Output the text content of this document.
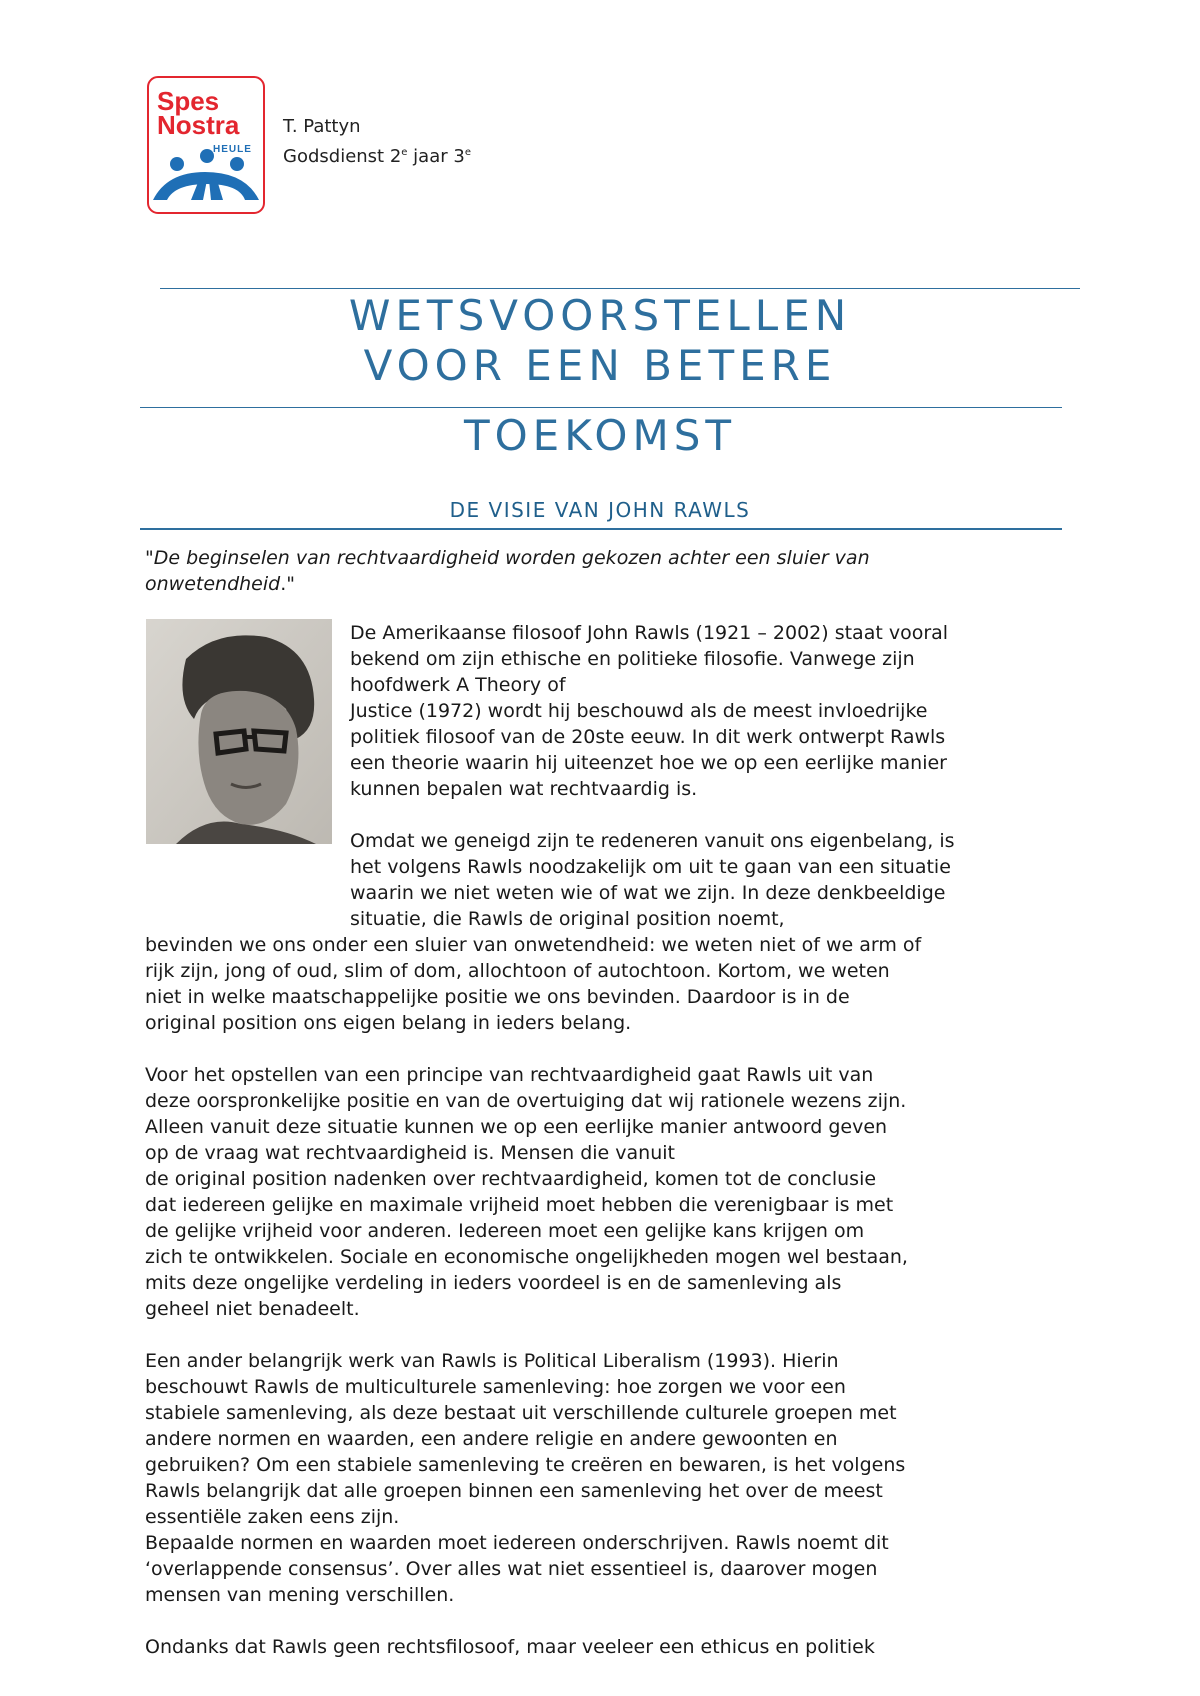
Spes
Nostra
HEULE
T. Pattyn
Godsdienst 2e jaar 3e
WETSVOORSTELLEN
VOOR EEN BETERE
TOEKOMST
DE VISIE VAN JOHN RAWLS
"De beginselen van rechtvaardigheid worden gekozen achter een sluier van
onwetendheid."
De Amerikaanse filosoof John Rawls (1921 – 2002) staat vooral
bekend om zijn ethische en politieke filosofie. Vanwege zijn
hoofdwerk A Theory of
Justice (1972) wordt hij beschouwd als de meest invloedrijke
politiek filosoof van de 20ste eeuw. In dit werk ontwerpt Rawls
een theorie waarin hij uiteenzet hoe we op een eerlijke manier
kunnen bepalen wat rechtvaardig is.
Omdat we geneigd zijn te redeneren vanuit ons eigenbelang, is
het volgens Rawls noodzakelijk om uit te gaan van een situatie
waarin we niet weten wie of wat we zijn. In deze denkbeeldige
situatie, die Rawls de original position noemt,
bevinden we ons onder een sluier van onwetendheid: we weten niet of we arm of
rijk zijn, jong of oud, slim of dom, allochtoon of autochtoon. Kortom, we weten
niet in welke maatschappelijke positie we ons bevinden. Daardoor is in de
original position ons eigen belang in ieders belang.
Voor het opstellen van een principe van rechtvaardigheid gaat Rawls uit van
deze oorspronkelijke positie en van de overtuiging dat wij rationele wezens zijn.
Alleen vanuit deze situatie kunnen we op een eerlijke manier antwoord geven
op de vraag wat rechtvaardigheid is. Mensen die vanuit
de original position nadenken over rechtvaardigheid, komen tot de conclusie
dat iedereen gelijke en maximale vrijheid moet hebben die verenigbaar is met
de gelijke vrijheid voor anderen. Iedereen moet een gelijke kans krijgen om
zich te ontwikkelen. Sociale en economische ongelijkheden mogen wel bestaan,
mits deze ongelijke verdeling in ieders voordeel is en de samenleving als
geheel niet benadeelt.
Een ander belangrijk werk van Rawls is Political Liberalism (1993). Hierin
beschouwt Rawls de multiculturele samenleving: hoe zorgen we voor een
stabiele samenleving, als deze bestaat uit verschillende culturele groepen met
andere normen en waarden, een andere religie en andere gewoonten en
gebruiken? Om een stabiele samenleving te creëren en bewaren, is het volgens
Rawls belangrijk dat alle groepen binnen een samenleving het over de meest
essentiële zaken eens zijn.
Bepaalde normen en waarden moet iedereen onderschrijven. Rawls noemt dit
‘overlappende consensus’. Over alles wat niet essentieel is, daarover mogen
mensen van mening verschillen.
Ondanks dat Rawls geen rechtsfilosoof, maar veeleer een ethicus en politiek
